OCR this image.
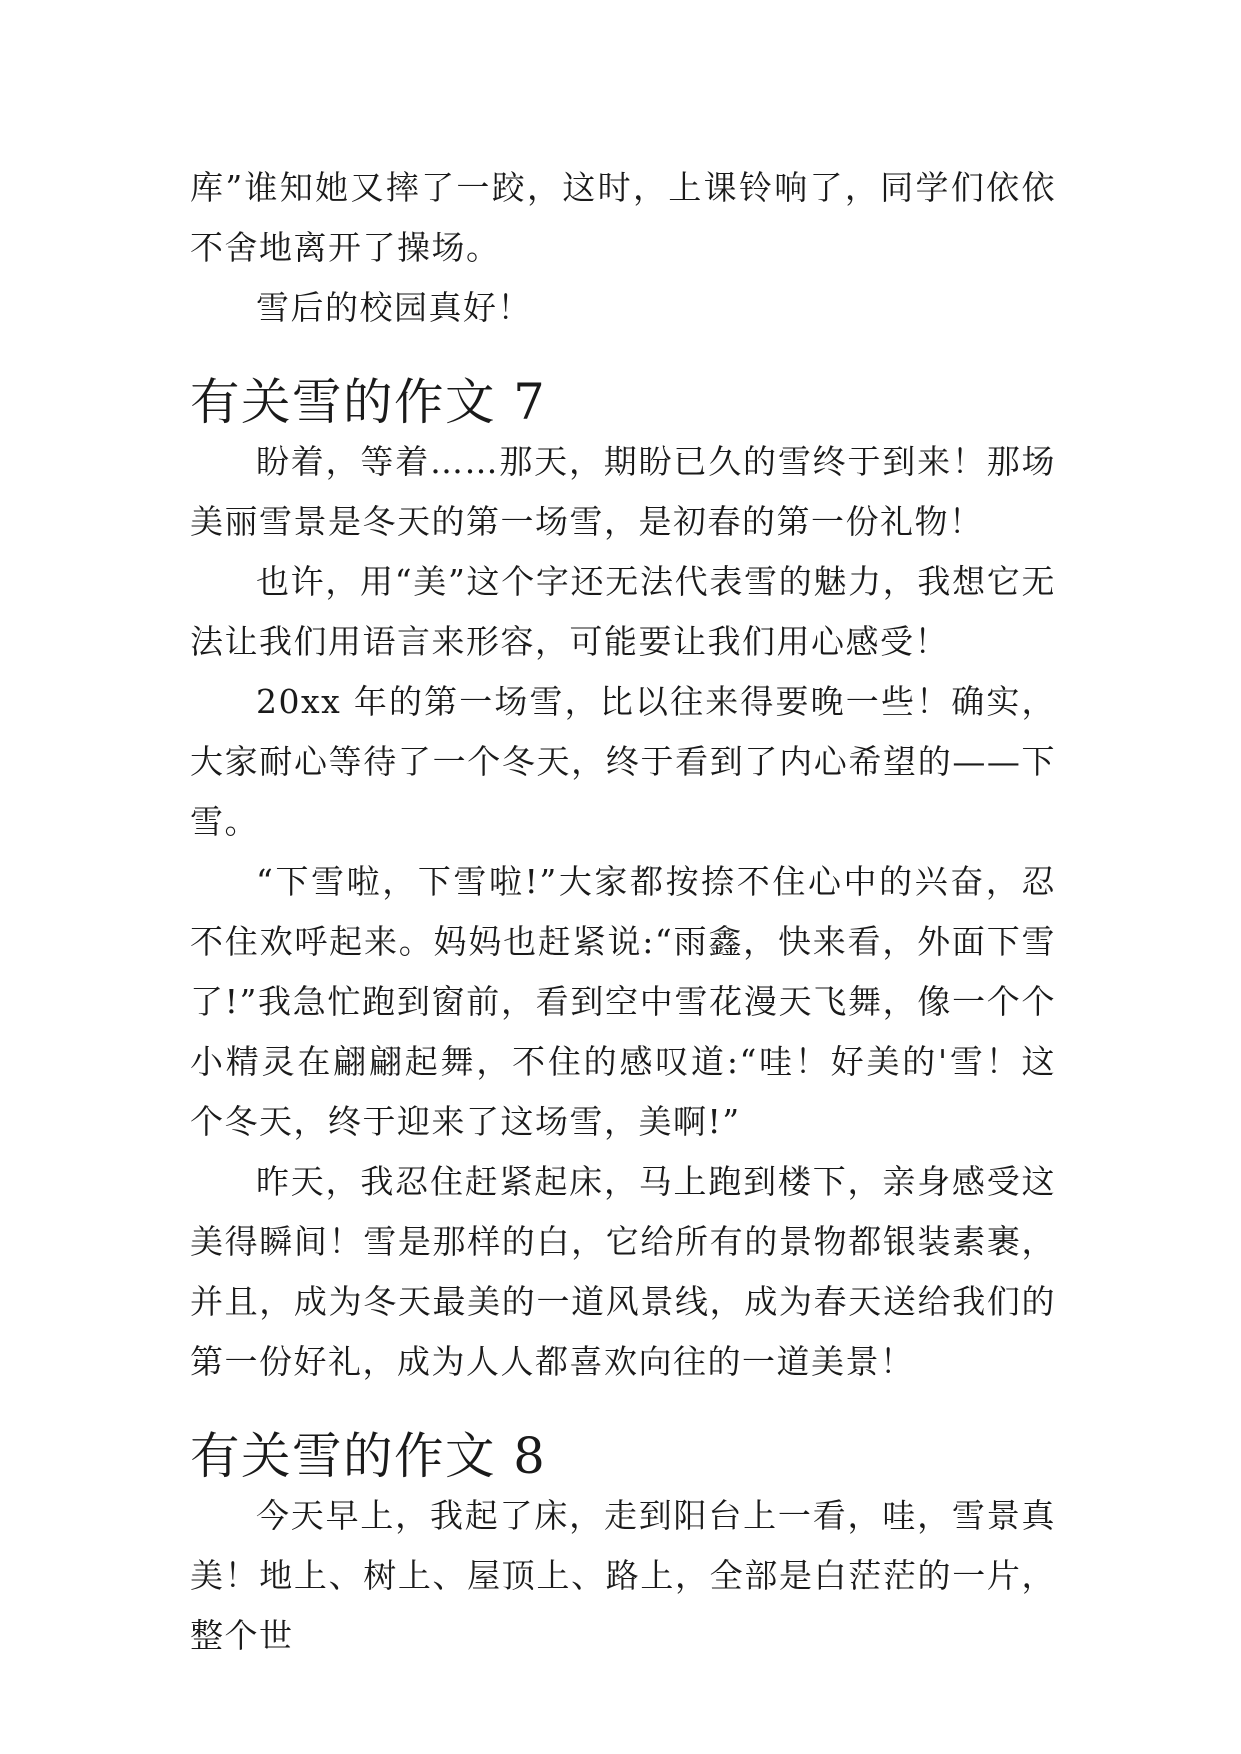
库”谁知她又摔了一跤，这时，上课铃响了，同学们依依不舍地离开了操场。

雪后的校园真好！

有关雪的作文 7

盼着，等着……那天，期盼已久的雪终于到来！那场美丽雪景是冬天的第一场雪，是初春的第一份礼物！

也许，用“美”这个字还无法代表雪的魅力，我想它无法让我们用语言来形容，可能要让我们用心感受！

20xx 年的第一场雪，比以往来得要晚一些！确实，大家耐心等待了一个冬天，终于看到了内心希望的——下雪。

“下雪啦，下雪啦!”大家都按捺不住心中的兴奋，忍不住欢呼起来。妈妈也赶紧说:“雨鑫，快来看，外面下雪了!”我急忙跑到窗前，看到空中雪花漫天飞舞，像一个个小精灵在翩翩起舞，不住的感叹道:“哇！好美的'雪！这个冬天，终于迎来了这场雪，美啊!”

昨天，我忍住赶紧起床，马上跑到楼下，亲身感受这美得瞬间！雪是那样的白，它给所有的景物都银装素裹，并且，成为冬天最美的一道风景线，成为春天送给我们的第一份好礼，成为人人都喜欢向往的一道美景！

有关雪的作文 8

今天早上，我起了床，走到阳台上一看，哇，雪景真美！地上、树上、屋顶上、路上，全部是白茫茫的一片，整个世
